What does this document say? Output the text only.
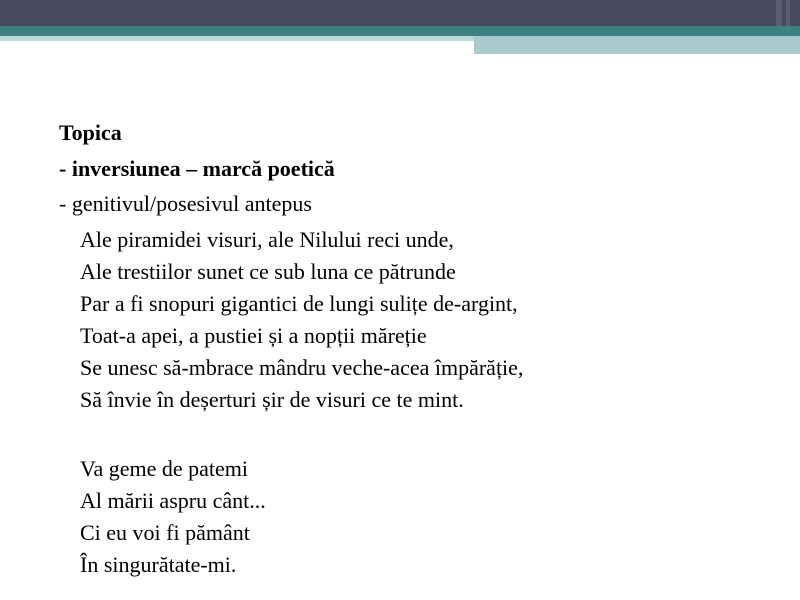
Topica
- inversiunea – marcă poetică
- genitivul/posesivul antepus
Ale piramidei visuri, ale Nilului reci unde,
Ale trestiilor sunet ce sub luna ce pătrunde
Par a fi snopuri gigantici de lungi sulițe de-argint,
Toat-a apei, a pustiei și a nopții măreție
Se unesc să-mbrace mândru veche-acea împărăție,
Să învie în deșerturi șir de visuri ce te mint.
Va geme de patemi
Al mării aspru cânt...
Ci eu voi fi pământ
În singurătate-mi.
